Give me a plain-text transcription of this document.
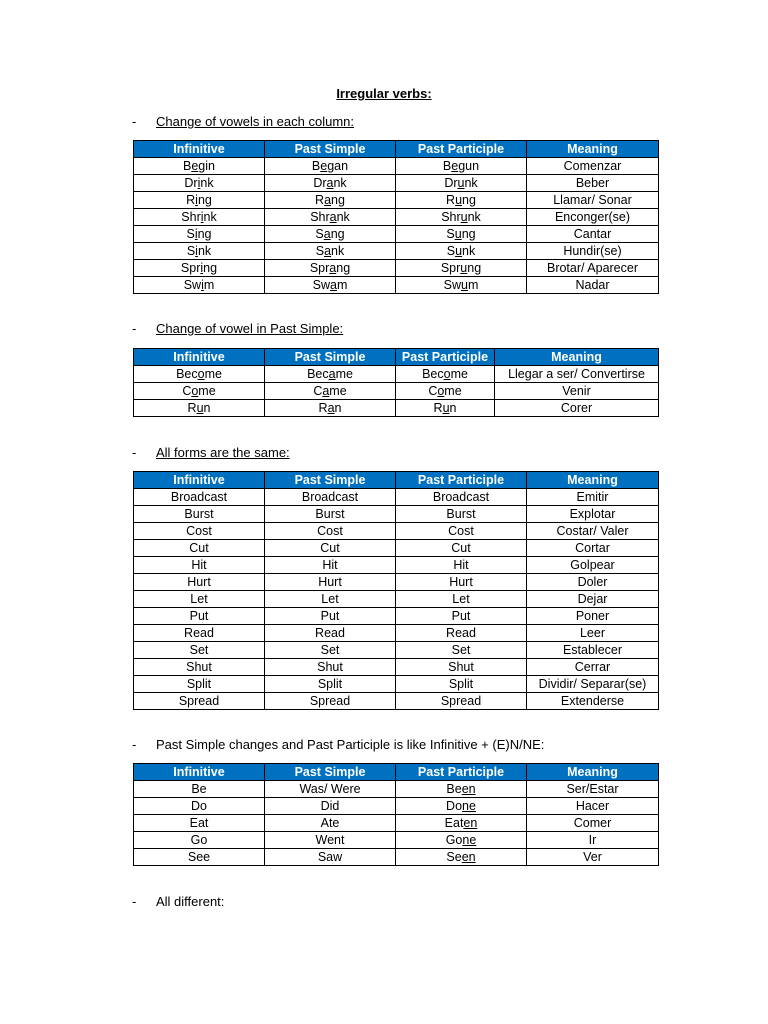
Irregular verbs:
- Change of vowels in each column:
Infinitive	Past Simple	Past Participle	Meaning
Begin	Began	Begun	Comenzar
Drink	Drank	Drunk	Beber
Ring	Rang	Rung	Llamar/ Sonar
Shrink	Shrank	Shrunk	Enconger(se)
Sing	Sang	Sung	Cantar
Sink	Sank	Sunk	Hundir(se)
Spring	Sprang	Sprung	Brotar/ Aparecer
Swim	Swam	Swum	Nadar
- Change of vowel in Past Simple:
Infinitive	Past Simple	Past Participle	Meaning
Become	Became	Become	Llegar a ser/ Convertirse
Come	Came	Come	Venir
Run	Ran	Run	Corer
- All forms are the same:
Infinitive	Past Simple	Past Participle	Meaning
Broadcast	Broadcast	Broadcast	Emitir
Burst	Burst	Burst	Explotar
Cost	Cost	Cost	Costar/ Valer
Cut	Cut	Cut	Cortar
Hit	Hit	Hit	Golpear
Hurt	Hurt	Hurt	Doler
Let	Let	Let	Dejar
Put	Put	Put	Poner
Read	Read	Read	Leer
Set	Set	Set	Establecer
Shut	Shut	Shut	Cerrar
Split	Split	Split	Dividir/ Separar(se)
Spread	Spread	Spread	Extenderse
- Past Simple changes and Past Participle is like Infinitive + (E)N/NE:
Infinitive	Past Simple	Past Participle	Meaning
Be	Was/ Were	Been	Ser/Estar
Do	Did	Done	Hacer
Eat	Ate	Eaten	Comer
Go	Went	Gone	Ir
See	Saw	Seen	Ver
- All different:
